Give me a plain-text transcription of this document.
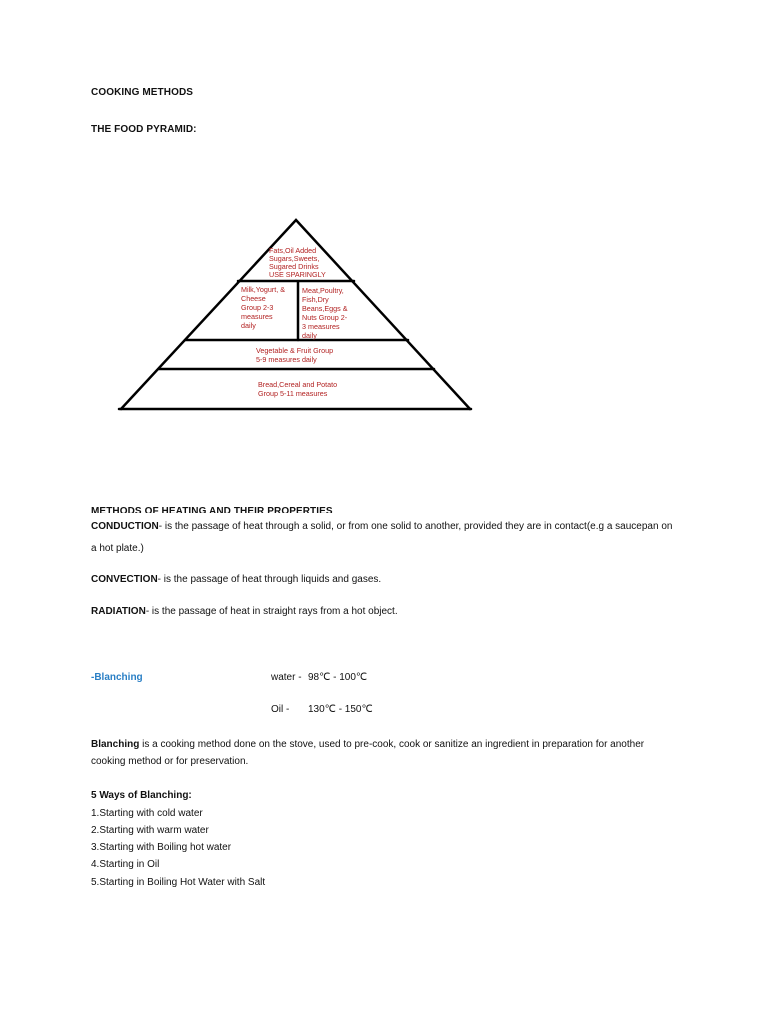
COOKING METHODS
THE FOOD PYRAMID:
Fats,Oil Added
Sugars,Sweets,
Sugared Drinks
USE SPARINGLY
Milk,Yogurt, &
Cheese
Group 2-3
measures
daily
Meat,Poultry,
Fish,Dry
Beans,Eggs &
Nuts Group 2-
3 measures
daily
Vegetable & Fruit Group
5-9 measures daily
Bread,Cereal and Potato
Group 5-11 measures
METHODS OF HEATING AND THEIR PROPERTIES
CONDUCTION- is the passage of heat through a solid, or from one solid to another, provided they are in contact(e.g a saucepan on
a hot plate.)
CONVECTION- is the passage of heat through liquids and gases.
RADIATION- is the passage of heat in straight rays from a hot object.
-Blanching	water - 98℃ - 100℃
Oil - 130℃ - 150℃
Blanching is a cooking method done on the stove, used to pre-cook, cook or sanitize an ingredient in preparation for another
cooking method or for preservation.
5 Ways of Blanching:
1.Starting with cold water
2.Starting with warm water
3.Starting with Boiling hot water
4.Starting in Oil
5.Starting in Boiling Hot Water with Salt
